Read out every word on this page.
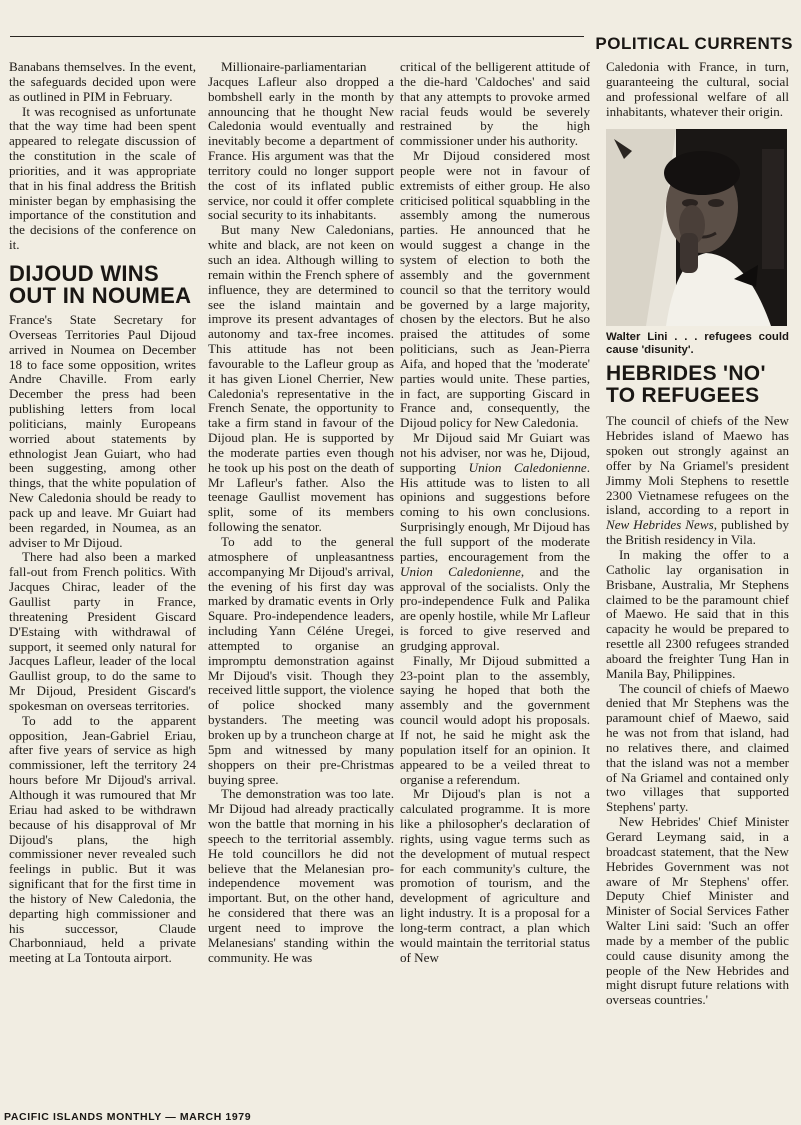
POLITICAL CURRENTS

Banabans themselves. In the event, the safeguards decided upon were as outlined in PIM in February.

It was recognised as unfortunate that the way time had been spent appeared to relegate discussion of the constitution in the scale of priorities, and it was appropriate that in his final address the British minister began by emphasising the importance of the constitution and the decisions of the conference on it.

DIJOUD WINS OUT IN NOUMEA

France's State Secretary for Overseas Territories Paul Dijoud arrived in Noumea on December 18 to face some opposition, writes Andre Chaville. From early December the press had been publishing letters from local politicians, mainly Europeans worried about statements by ethnologist Jean Guiart, who had been suggesting, among other things, that the white population of New Caledonia should be ready to pack up and leave. Mr Guiart had been regarded, in Noumea, as an adviser to Mr Dijoud.

There had also been a marked fall-out from French politics. With Jacques Chirac, leader of the Gaullist party in France, threatening President Giscard D'Estaing with withdrawal of support, it seemed only natural for Jacques Lafleur, leader of the local Gaullist group, to do the same to Mr Dijoud, President Giscard's spokesman on overseas territories.

To add to the apparent opposition, Jean-Gabriel Eriau, after five years of service as high commissioner, left the territory 24 hours before Mr Dijoud's arrival. Although it was rumoured that Mr Eriau had asked to be withdrawn because of his disapproval of Mr Dijoud's plans, the high commissioner never revealed such feelings in public. But it was significant that for the first time in the history of New Caledonia, the departing high commissioner and his successor, Claude Charbonniaud, held a private meeting at La Tontouta airport.

Millionaire-parliamentarian Jacques Lafleur also dropped a bombshell early in the month by announcing that he thought New Caledonia would eventually and inevitably become a department of France. His argument was that the territory could no longer support the cost of its inflated public service, nor could it offer complete social security to its inhabitants.

But many New Caledonians, white and black, are not keen on such an idea. Although willing to remain within the French sphere of influence, they are determined to see the island maintain and improve its present advantages of autonomy and tax-free incomes. This attitude has not been favourable to the Lafleur group as it has given Lionel Cherrier, New Caledonia's representative in the French Senate, the opportunity to take a firm stand in favour of the Dijoud plan. He is supported by the moderate parties even though he took up his post on the death of Mr Lafleur's father. Also the teenage Gaullist movement has split, some of its members following the senator.

To add to the general atmosphere of unpleasantness accompanying Mr Dijoud's arrival, the evening of his first day was marked by dramatic events in Orly Square. Pro-independence leaders, including Yann Céléne Uregei, attempted to organise an impromptu demonstration against Mr Dijoud's visit. Though they received little support, the violence of police shocked many bystanders. The meeting was broken up by a truncheon charge at 5pm and witnessed by many shoppers on their pre-Christmas buying spree.

The demonstration was too late. Mr Dijoud had already practically won the battle that morning in his speech to the territorial assembly. He told councillors he did not believe that the Melanesian pro-independence movement was important. But, on the other hand, he considered that there was an urgent need to improve the Melanesians' standing within the community. He was

critical of the belligerent attitude of the die-hard 'Caldoches' and said that any attempts to provoke armed racial feuds would be severely restrained by the high commissioner under his authority.

Mr Dijoud considered most people were not in favour of extremists of either group. He also criticised political squabbling in the assembly among the numerous parties. He announced that he would suggest a change in the system of election to both the assembly and the government council so that the territory would be governed by a large majority, chosen by the electors. But he also praised the attitudes of some politicians, such as Jean-Pierra Aifa, and hoped that the 'moderate' parties would unite. These parties, in fact, are supporting Giscard in France and, consequently, the Dijoud policy for New Caledonia.

Mr Dijoud said Mr Guiart was not his adviser, nor was he, Dijoud, supporting Union Caledonienne. His attitude was to listen to all opinions and suggestions before coming to his own conclusions. Surprisingly enough, Mr Dijoud has the full support of the moderate parties, encouragement from the Union Caledonienne, and the approval of the socialists. Only the pro-independence Fulk and Palika are openly hostile, while Mr Lafleur is forced to give reserved and grudging approval.

Finally, Mr Dijoud submitted a 23-point plan to the assembly, saying he hoped that both the assembly and the government council would adopt his proposals. If not, he said he might ask the population itself for an opinion. It appeared to be a veiled threat to organise a referendum.

Mr Dijoud's plan is not a calculated programme. It is more like a philosopher's declaration of rights, using vague terms such as the development of mutual respect for each community's culture, the promotion of tourism, and the development of agriculture and light industry. It is a proposal for a long-term contract, a plan which would maintain the territorial status of New

Caledonia with France, in turn, guaranteeing the cultural, social and professional welfare of all inhabitants, whatever their origin.

Walter Lini . . . refugees could cause 'disunity'.

HEBRIDES 'NO' TO REFUGEES

The council of chiefs of the New Hebrides island of Maewo has spoken out strongly against an offer by Na Griamel's president Jimmy Moli Stephens to resettle 2300 Vietnamese refugees on the island, according to a report in New Hebrides News, published by the British residency in Vila.

In making the offer to a Catholic lay organisation in Brisbane, Australia, Mr Stephens claimed to be the paramount chief of Maewo. He said that in this capacity he would be prepared to resettle all 2300 refugees stranded aboard the freighter Tung Han in Manila Bay, Philippines.

The council of chiefs of Maewo denied that Mr Stephens was the paramount chief of Maewo, said he was not from that island, had no relatives there, and claimed that the island was not a member of Na Griamel and contained only two villages that supported Stephens' party.

New Hebrides' Chief Minister Gerard Leymang said, in a broadcast statement, that the New Hebrides Government was not aware of Mr Stephens' offer. Deputy Chief Minister and Minister of Social Services Father Walter Lini said: 'Such an offer made by a member of the public could cause disunity among the people of the New Hebrides and might disrupt future relations with overseas countries.'

PACIFIC ISLANDS MONTHLY — MARCH 1979
